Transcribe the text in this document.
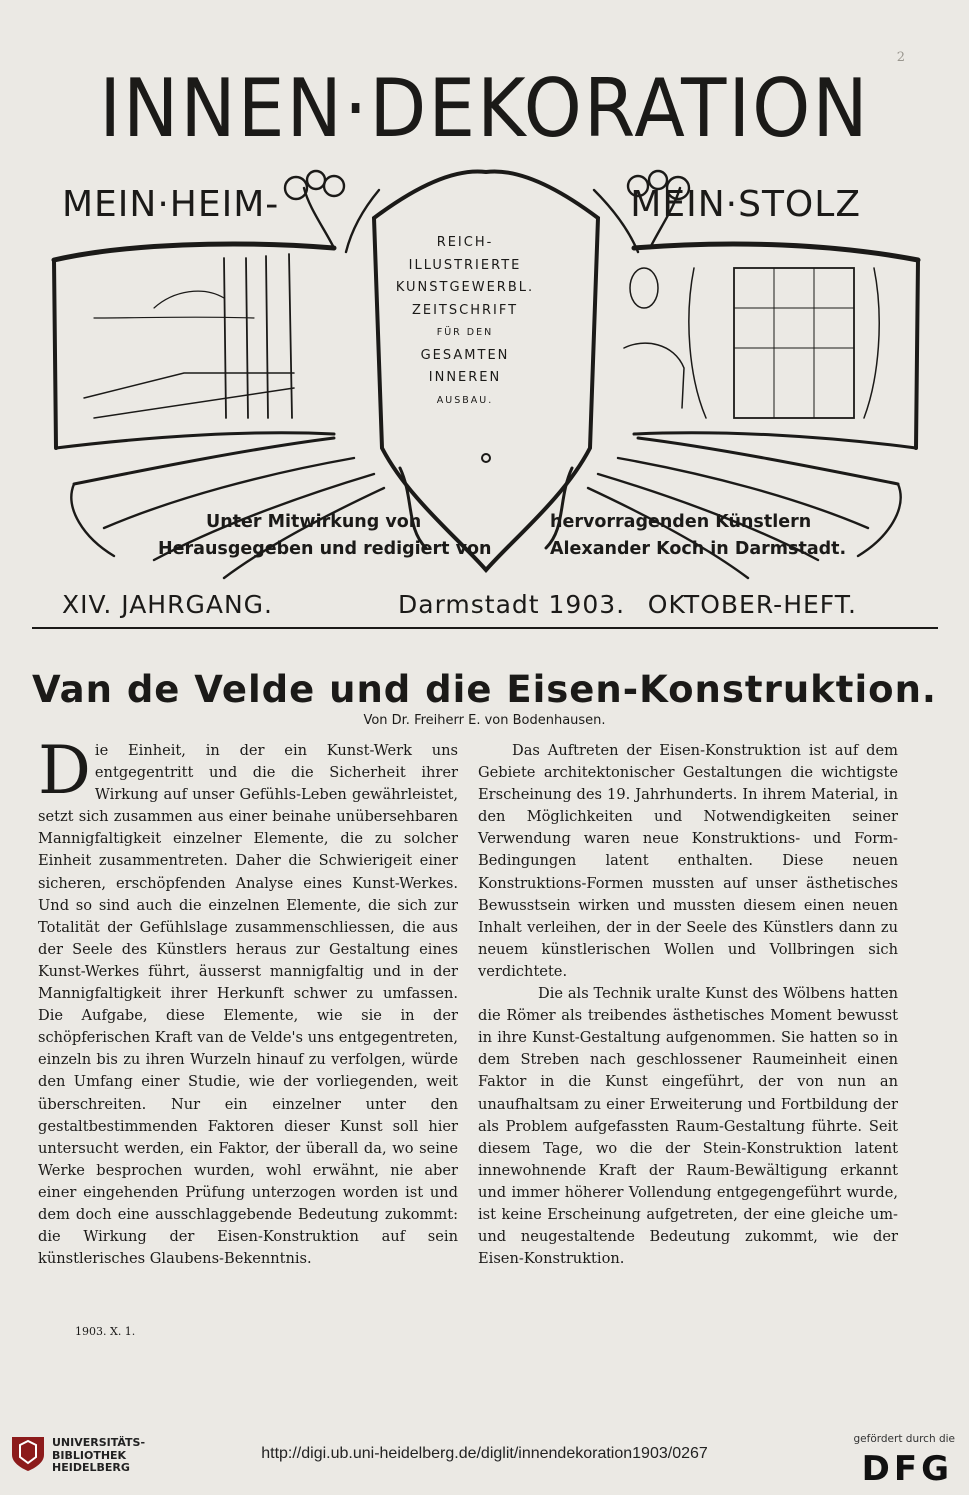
2
INNEN·DEKORATION
MEIN·HEIM-	MEIN·STOLZ
REICH-
ILLUSTRIERTE
KUNSTGEWERBL.
ZEITSCHRIFT
FÜR DEN
GESAMTEN
INNEREN
AUSBAU.
Unter Mitwirkung von
Herausgegeben und redigiert von
hervorragenden Künstlern
Alexander Koch in Darmstadt.
XIV. JAHRGANG.	Darmstadt 1903. OKTOBER-HEFT.
Van de Velde und die Eisen-Konstruktion.
Von Dr. Freiherr E. von Bodenhausen.

Die Einheit, in der ein Kunst-Werk uns entgegentritt und die die Sicherheit ihrer Wirkung auf unser Gefühls-Leben gewährleistet, setzt sich zusammen aus einer beinahe unübersehbaren Mannigfaltigkeit einzelner Elemente, die zu solcher Einheit zusammentreten. Daher die Schwierigeit einer sicheren, erschöpfenden Analyse eines Kunst-Werkes. Und so sind auch die einzelnen Elemente, die sich zur Totalität der Gefühlslage zusammenschliessen, die aus der Seele des Künstlers heraus zur Gestaltung eines Kunst-Werkes führt, äusserst mannigfaltig und in der Mannigfaltigkeit ihrer Herkunft schwer zu umfassen. Die Aufgabe, diese Elemente, wie sie in der schöpferischen Kraft van de Velde's uns entgegentreten, einzeln bis zu ihren Wurzeln hinauf zu verfolgen, würde den Umfang einer Studie, wie der vorliegenden, weit überschreiten. Nur ein einzelner unter den gestaltbestimmenden Faktoren dieser Kunst soll hier untersucht werden, ein Faktor, der überall da, wo seine Werke besprochen wurden, wohl erwähnt, nie aber einer eingehenden Prüfung unterzogen worden ist und dem doch eine ausschlaggebende Bedeutung zukommt: die Wirkung der Eisen-Konstruktion auf sein künstlerisches Glaubens-Bekenntnis.

Das Auftreten der Eisen-Konstruktion ist auf dem Gebiete architektonischer Gestaltungen die wichtigste Erscheinung des 19. Jahrhunderts. In ihrem Material, in den Möglichkeiten und Notwendigkeiten seiner Verwendung waren neue Konstruktions- und Form-Bedingungen latent enthalten. Diese neuen Konstruktions-Formen mussten auf unser ästhetisches Bewusstsein wirken und mussten diesem einen neuen Inhalt verleihen, der in der Seele des Künstlers dann zu neuem künstlerischen Wollen und Vollbringen sich verdichtete.

Die als Technik uralte Kunst des Wölbens hatten die Römer als treibendes ästhetisches Moment bewusst in ihre Kunst-Gestaltung aufgenommen. Sie hatten so in dem Streben nach geschlossener Raumeinheit einen Faktor in die Kunst eingeführt, der von nun an unaufhaltsam zu einer Erweiterung und Fortbildung der als Problem aufgefassten Raum-Gestaltung führte. Seit diesem Tage, wo die der Stein-Konstruktion latent innewohnende Kraft der Raum-Bewältigung erkannt und immer höherer Vollendung entgegengeführt wurde, ist keine Erscheinung aufgetreten, der eine gleiche um- und neugestaltende Bedeutung zukommt, wie der Eisen-Konstruktion.

1903. X. 1.
UNIVERSITÄTS-
BIBLIOTHEK
HEIDELBERG
http://digi.ub.uni-heidelberg.de/diglit/innendekoration1903/0267
gefördert durch die
DFG
